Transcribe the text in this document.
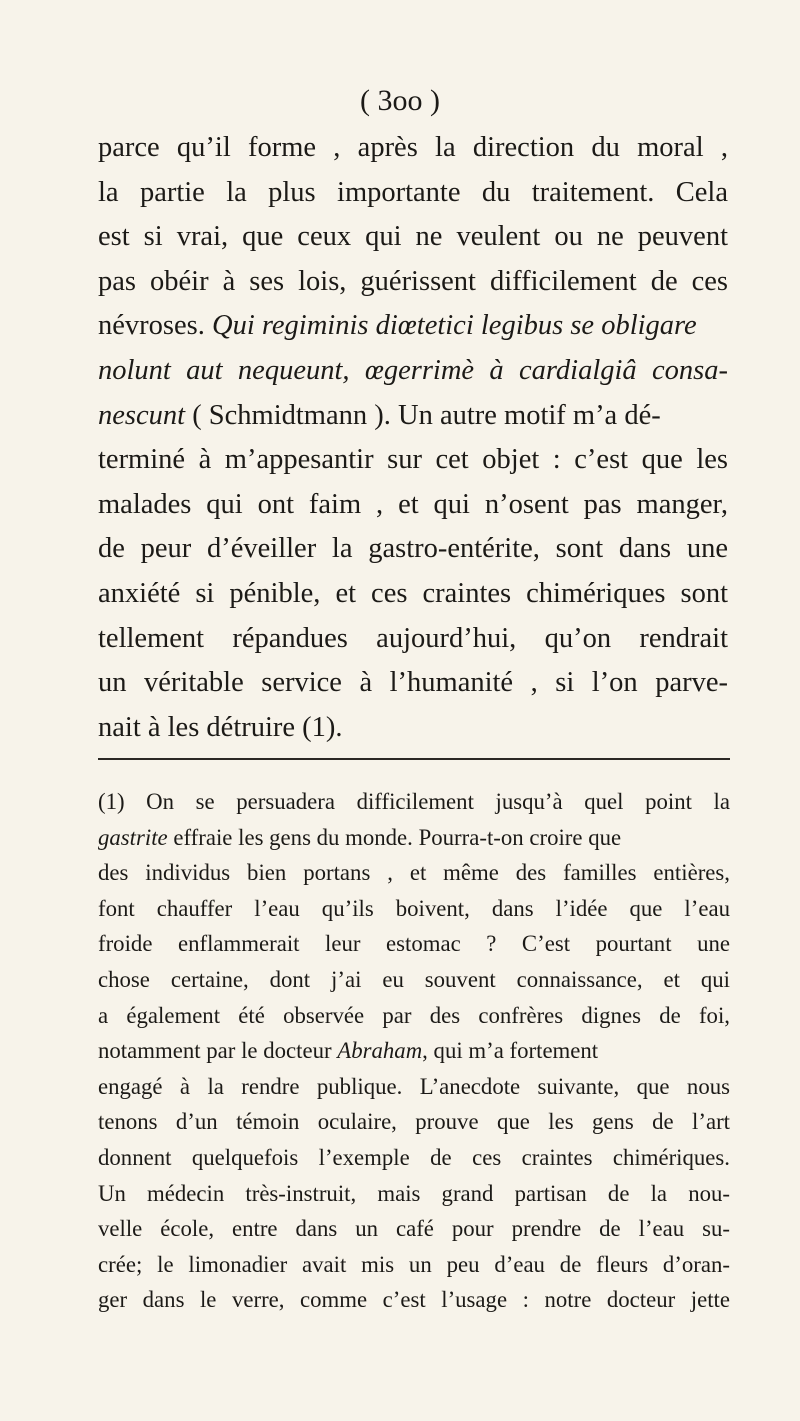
( 3oo )
parce qu’il forme , après la direction du moral ,
la partie la plus importante du traitement. Cela
est si vrai, que ceux qui ne veulent ou ne peuvent
pas obéir à ses lois, guérissent difficilement de ces
névroses. Qui regiminis diœtetici legibus se obligare
nolunt aut nequeunt, œgerrimè à cardialgiâ consa-
nescunt ( Schmidtmann ). Un autre motif m’a dé-
terminé à m’appesantir sur cet objet : c’est que les
malades qui ont faim , et qui n’osent pas manger,
de peur d’éveiller la gastro-entérite, sont dans une
anxiété si pénible, et ces craintes chimériques sont
tellement répandues aujourd’hui, qu’on rendrait
un véritable service à l’humanité , si l’on parve-
nait à les détruire (1).
(1) On se persuadera difficilement jusqu’à quel point la
gastrite effraie les gens du monde. Pourra-t-on croire que
des individus bien portans , et même des familles entières,
font chauffer l’eau qu’ils boivent, dans l’idée que l’eau
froide enflammerait leur estomac ? C’est pourtant une
chose certaine, dont j’ai eu souvent connaissance, et qui
a également été observée par des confrères dignes de foi,
notamment par le docteur Abraham, qui m’a fortement
engagé à la rendre publique. L’anecdote suivante, que nous
tenons d’un témoin oculaire, prouve que les gens de l’art
donnent quelquefois l’exemple de ces craintes chimériques.
Un médecin très-instruit, mais grand partisan de la nou-
velle école, entre dans un café pour prendre de l’eau su-
crée; le limonadier avait mis un peu d’eau de fleurs d’oran-
ger dans le verre, comme c’est l’usage : notre docteur jette
